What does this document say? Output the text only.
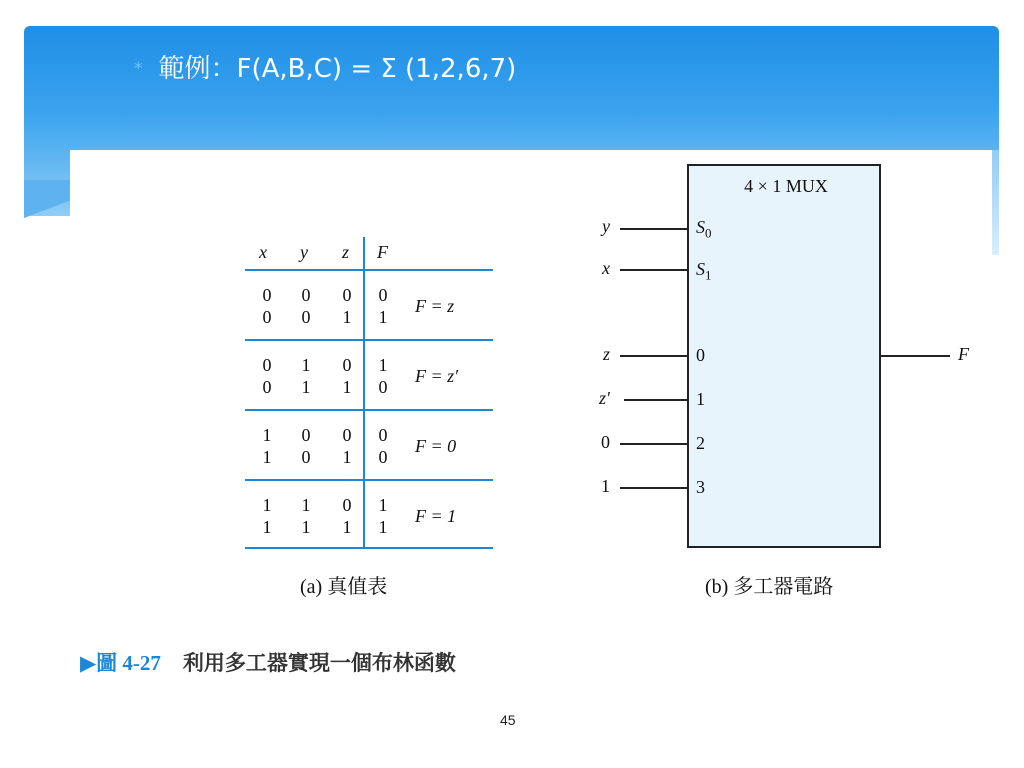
* 範例：F(A,B,C) = Σ (1,2,6,7)
x y z F
0	0	0	0
0	0	1	1
F = z
0	1	0	1
0	1	1	0
F = z′
1	0	0	0
1	0	1	0
F = 0
1	1	0	1
1	1	1	1
F = 1
(a) 真值表
4 × 1 MUX
y	$S_0$
x	$S_1$
z	0
z′	1
0	2
1	3
F
(b) 多工器電路
▶圖 4-27 利用多工器實現一個布林函數
45
